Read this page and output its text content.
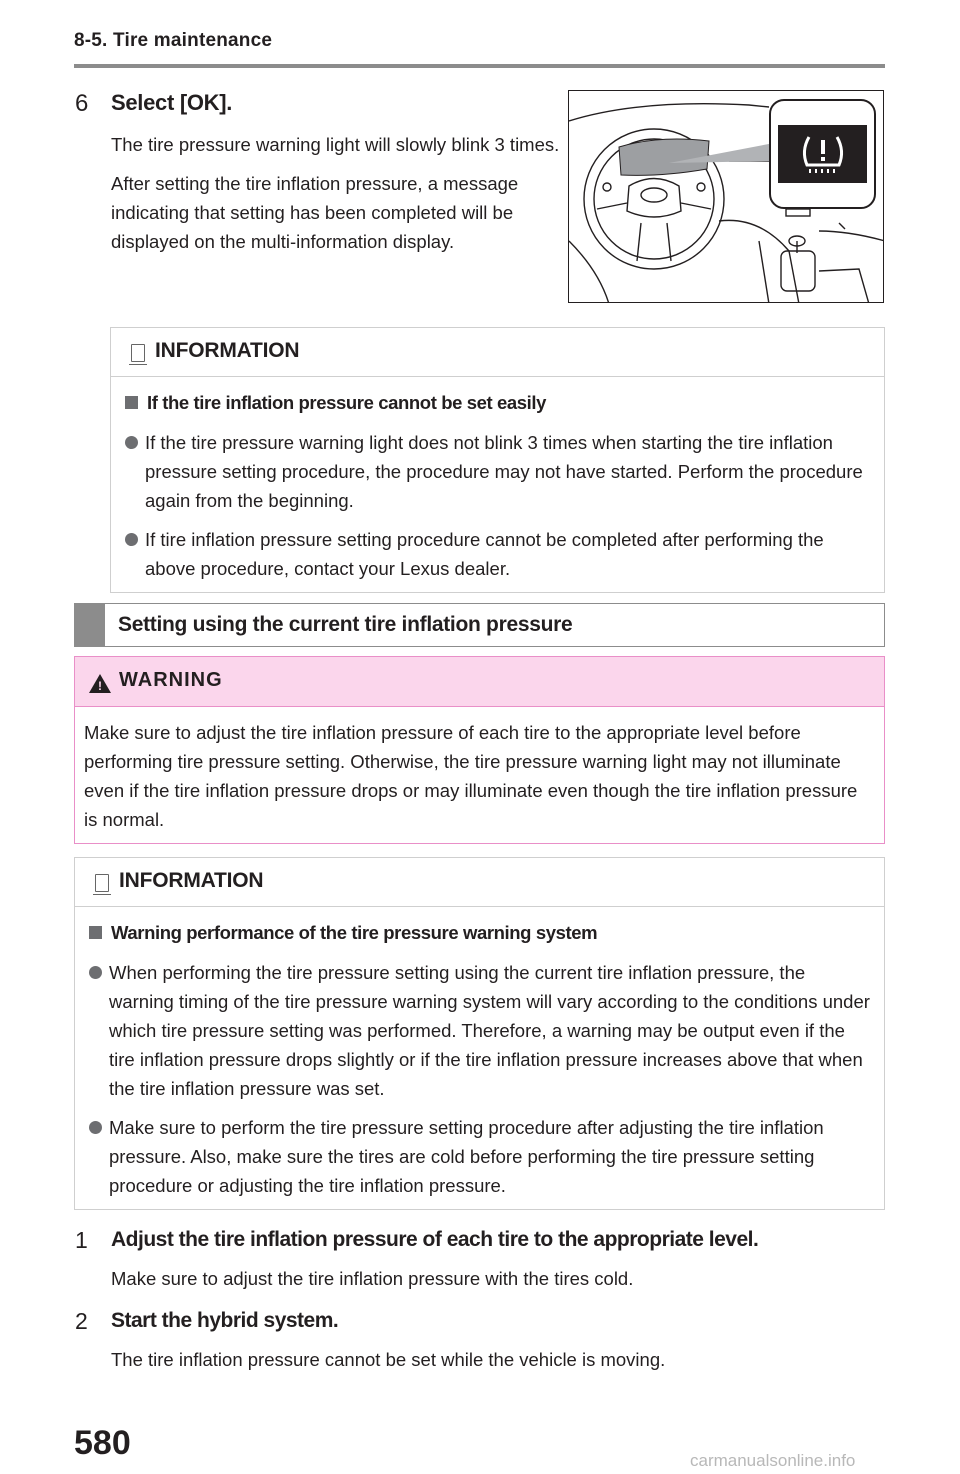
8-5. Tire maintenance
6 Select [OK].

The tire pressure warning light will slowly blink 3 times.

After setting the tire inflation pressure, a message indicating that setting has been completed will be displayed on the multi-information display.

INFORMATION
If the tire inflation pressure cannot be set easily
If the tire pressure warning light does not blink 3 times when starting the tire inflation pressure setting procedure, the procedure may not have started. Perform the procedure again from the beginning.
If tire inflation pressure setting procedure cannot be completed after performing the above procedure, contact your Lexus dealer.
Setting using the current tire inflation pressure
! WARNING
Make sure to adjust the tire inflation pressure of each tire to the appropriate level before performing tire pressure setting. Otherwise, the tire pressure warning light may not illuminate even if the tire inflation pressure drops or may illuminate even though the tire inflation pressure is normal.
INFORMATION
Warning performance of the tire pressure warning system
When performing the tire pressure setting using the current tire inflation pressure, the warning timing of the tire pressure warning system will vary according to the conditions under which tire pressure setting was performed. Therefore, a warning may be output even if the tire inflation pressure drops slightly or if the tire inflation pressure increases above that when the tire inflation pressure was set.
Make sure to perform the tire pressure setting procedure after adjusting the tire inflation pressure. Also, make sure the tires are cold before performing the tire pressure setting procedure or adjusting the tire inflation pressure.
1 Adjust the tire inflation pressure of each tire to the appropriate level.
Make sure to adjust the tire inflation pressure with the tires cold.
2 Start the hybrid system.
The tire inflation pressure cannot be set while the vehicle is moving.
580	carmanualsonline.info
